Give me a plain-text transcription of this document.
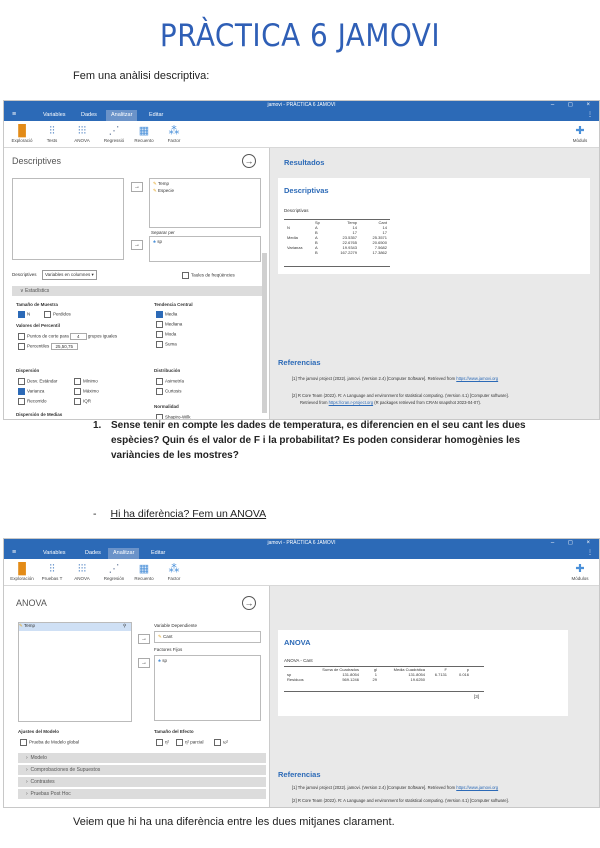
PRÀCTICA 6 JAMOVI
Fem una anàlisi descriptiva:
jamovi - PRÀCTICA 6 JAMOVI	– ◻ ×
≡	Variables	Dades	Analitzar	Editar	⋮
▐▌
Exploració
⫶⫶
Tests
⫶⫶⫶
ANOVA
⋰
Regressió
▦
Recuento
⁂
Factor
✚
Mòduls
Descriptives	→
→
✎ Temp
✎ Especie
Separar per
→
♣ sp
Descriptives	Variables en columnes ▾	Taules de freqüències
∨ Estadístics
Tamaño de Muestra
N	Perdidos
Valores del Percentil
Puntos de corte para 4 grupos iguales
Percentiles 25,50,75
Dispersión
Desv. Estándar	Mínimo
Varianza	Máximo
Recorrido	IQR
Dispersión de Medias
Tendencia Central
Media
Mediana
Moda
Suma
Distribución
Asimetría
Curtosis
Normalidad
Shapiro-Wilk
Resultados
Descriptivas
Descriptivas
	Sp	Temp	Cant
N	A	14	14
	B	17	17
Media	A	23.5357	25.3571
	B	22.6765	20.6500
Varianza	A	19.9343	7.5682
	B	167.2279	17.3862
Referencias
[1] The jamovi project (2022). jamovi. (Version 2.4) [Computer Software]. Retrieved from https://www.jamovi.org
[2] R Core Team (2022). R: A Language and environment for statistical computing. (Version 4.1) [Computer software].
Retrieved from https://cran.r-project.org (R packages retrieved from CRAN snapshot 2023-04-07).
1. Sense tenir en compte les dades de temperatura, es diferencien en el seu cant les dues espècies? Quin és el valor de F i la probabilitat? Es poden considerar homogènies les variàncies de les mostres?
- Hi ha diferència? Fem un ANOVA
jamovi - PRÀCTICA 6 JAMOVI	– ◻ ×
≡	Variables	Dades	Analitzar	Editar	⋮
▐▌
Exploración
⫶⫶
Pruebas T
⫶⫶⫶
ANOVA
⋰
Regresión
▦
Recuento
⁂
Factor
✚
Módulos
ANOVA	→
✎ Temp	⚲	Variable Dependiente
→	✎ Cant
Factores Fijos
→	♣ sp
Ajustes del Modelo
Prueba de Modelo global
Tamaño del Efecto
η²	η² parcial	ω²
›  Modelo
›  Comprobaciones de Supuestos
›  Contrastes
›  Pruebas Post Hoc
ANOVA
ANOVA - Cant
	Suma de Cuadrados	gl	Media Cuadrática	F	p
sp	131.8054	1	131.8054	6.7131	0.016
Residuos	569.1246	29	19.6250		
[3]
Referencias
[1] The jamovi project (2022). jamovi. (Version 2.4) [Computer Software]. Retrieved from https://www.jamovi.org
[2] R Core Team (2022). R: A Language and environment for statistical computing. (Version 4.1) [Computer software].
Veiem que hi ha una diferència entre les dues mitjanes clarament.
